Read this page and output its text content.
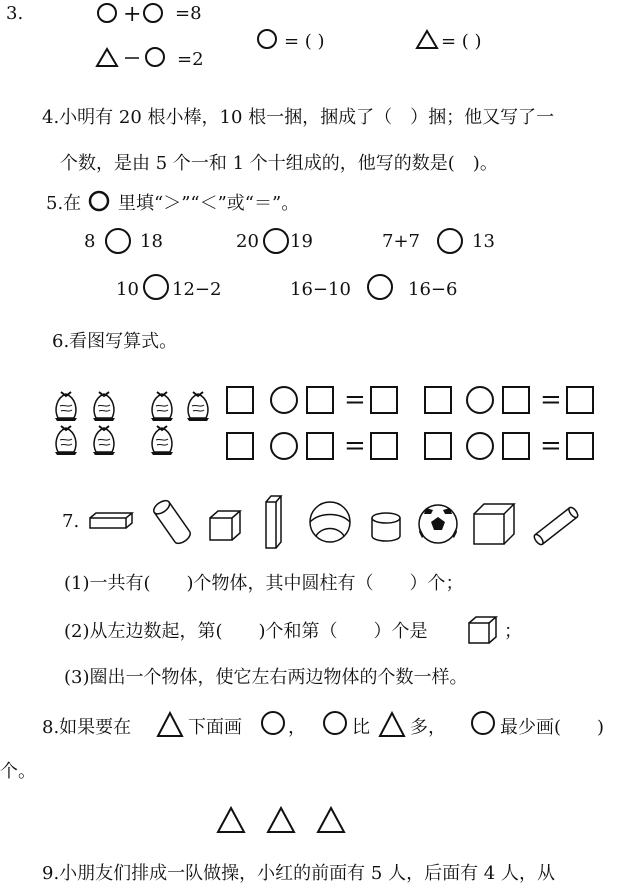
3.	+ =8
=2
= ( )	= ( )
4.小明有 20 根小棒，10 根一捆，捆成了（　）捆；他又写了一
个数，是由 5 个一和 1 个十组成的，他写的数是(　)。
5.在 里填“＞”“＜”或“＝”。
8 18	20 19	7+7	13
10 12−2	16−10	16−6
6.看图写算式。
=	=
=	=
7.
(1)一共有(　　)个物体，其中圆柱有（　　）个；
(2)从左边数起，第(　　)个和第（　　）个是	；
(3)圈出一个物体，使它左右两边物体的个数一样。
8.如果要在	下面画	，	比 多，	最少画(　　)
个。
9.小朋友们排成一队做操，小红的前面有 5 人，后面有 4 人，从
